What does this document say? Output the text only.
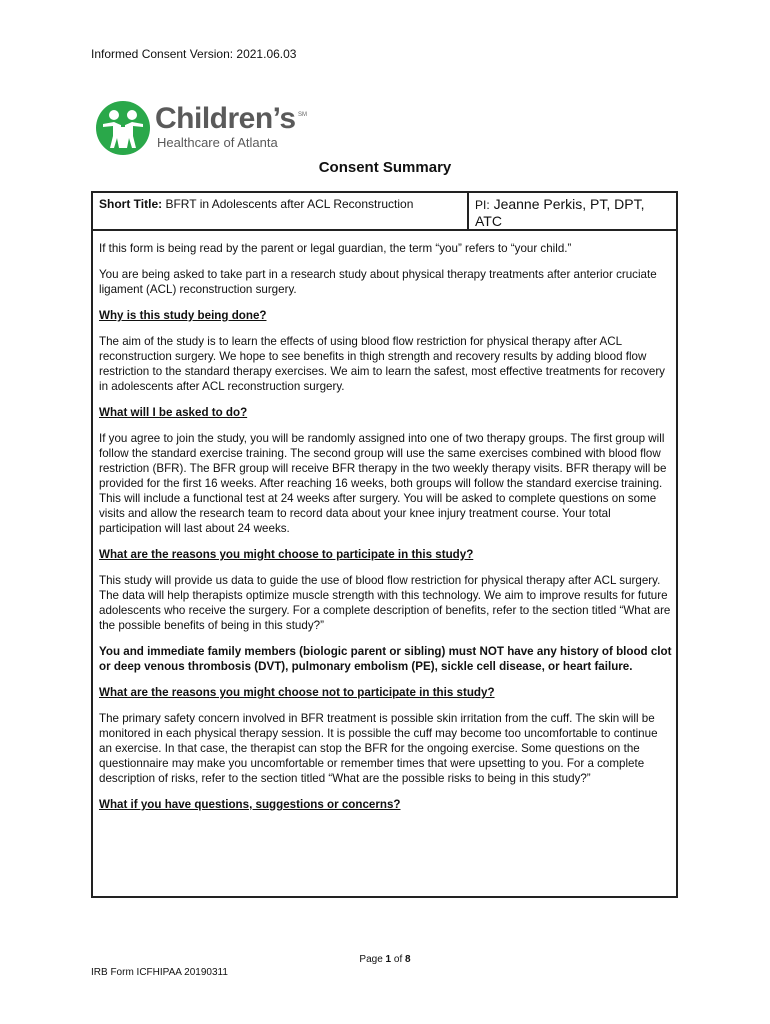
Informed Consent Version: 2021.06.03
Children’s SM
Healthcare of Atlanta
Consent Summary
Short Title: BFRT in Adolescents after ACL Reconstruction	PI: Jeanne Perkis, PT, DPT, ATC

If this form is being read by the parent or legal guardian, the term “you” refers to “your child.”

You are being asked to take part in a research study about physical therapy treatments after anterior cruciate ligament (ACL) reconstruction surgery.

Why is this study being done?

The aim of the study is to learn the effects of using blood flow restriction for physical therapy after ACL reconstruction surgery. We hope to see benefits in thigh strength and recovery results by adding blood flow restriction to the standard therapy exercises. We aim to learn the safest, most effective treatments for recovery in adolescents after ACL reconstruction surgery.

What will I be asked to do?

If you agree to join the study, you will be randomly assigned into one of two therapy groups. The first group will follow the standard exercise training. The second group will use the same exercises combined with blood flow restriction (BFR). The BFR group will receive BFR therapy in the two weekly therapy visits. BFR therapy will be provided for the first 16 weeks. After reaching 16 weeks, both groups will follow the standard exercise training. This will include a functional test at 24 weeks after surgery. You will be asked to complete questions on some visits and allow the research team to record data about your knee injury treatment course. Your total participation will last about 24 weeks.

What are the reasons you might choose to participate in this study?

This study will provide us data to guide the use of blood flow restriction for physical therapy after ACL surgery. The data will help therapists optimize muscle strength with this technology. We aim to improve results for future adolescents who receive the surgery. For a complete description of benefits, refer to the section titled “What are the possible benefits of being in this study?”

You and immediate family members (biologic parent or sibling) must NOT have any history of blood clot or deep venous thrombosis (DVT), pulmonary embolism (PE), sickle cell disease, or heart failure.

What are the reasons you might choose not to participate in this study?

The primary safety concern involved in BFR treatment is possible skin irritation from the cuff. The skin will be monitored in each physical therapy session. It is possible the cuff may become too uncomfortable to continue an exercise. In that case, the therapist can stop the BFR for the ongoing exercise. Some questions on the questionnaire may make you uncomfortable or remember times that were upsetting to you. For a complete description of risks, refer to the section titled “What are the possible risks to being in this study?”

What if you have questions, suggestions or concerns?
Page 1 of 8
IRB Form ICFHIPAA 20190311
